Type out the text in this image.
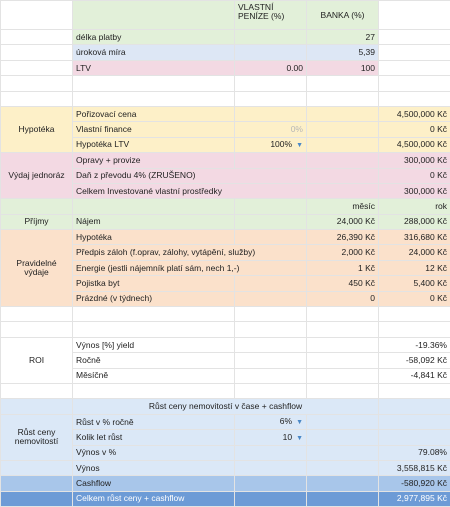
		VLASTNÍ PENÍZE (%)	BANKA (%)	
	délka platby		27	
	úroková míra		5,39	
	LTV	0.00	100	

Hypotéka	Pořizovací cena			4,500,000 Kč
	Vlastní finance	0%		0 Kč
	Hypotéka LTV	100% ▼		4,500,000 Kč
Výdaj jednoráz	Opravy + provize			300,000 Kč
	Daň z převodu 4% (ZRUŠENO)			0 Kč
	Celkem Investované vlastní prostředky			300,000 Kč
			měsíc	rok
Příjmy	Nájem		24,000 Kč	288,000 Kč
Pravidelné výdaje	Hypotéka		26,390 Kč	316,680 Kč
	Předpis záloh (f.oprav, zálohy, vytápění, služby)		2,000 Kč	24,000 Kč
	Energie (jestli nájemník platí sám, nech 1,-)		1 Kč	12 Kč
	Pojistka byt		450 Kč	5,400 Kč
	Prázdné (v týdnech)		0	0 Kč

ROI	Výnos [%] yield			-19.36%
	Ročně			-58,092 Kč
	Měsíčně			-4,841 Kč

	Růst ceny nemovitostí v čase + cashflow			
Růst ceny nemovitostí	Růst v % ročně	6% ▼		
	Kolik let růst	10 ▼		
	Výnos v %			79.08%
	Výnos			3,558,815 Kč
	Cashflow			-580,920 Kč
	Celkem růst ceny + cashflow			2,977,895 Kč
